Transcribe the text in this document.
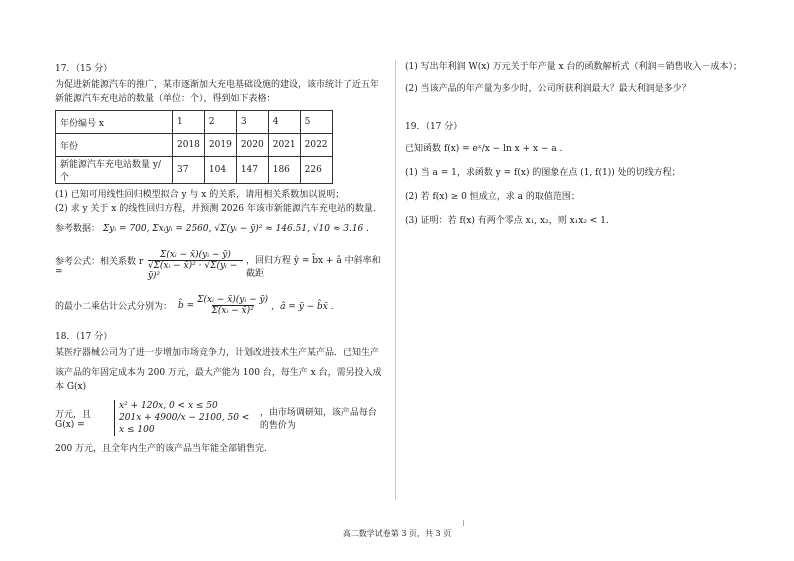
17．（15 分）

为促进新能源汽车的推广，某市逐渐加大充电基础设施的建设，该市统计了近五年

新能源汽车充电站的数量（单位：个），得到如下表格：

年份编号 x	1	2	3	4	5
年份	2018	2019	2020	2021	2022
新能源汽车充电站数量 y/个	37	104	147	186	226

(1) 已知可用线性回归模型拟合 y 与 x 的关系，请用相关系数加以说明；

(2) 求 y 关于 x 的线性回归方程，并预测 2026 年该市新能源汽车充电站的数量.

参考数据： Σyᵢ = 700, Σxᵢyᵢ = 2560, √Σ(yᵢ − ȳ)² ≈ 146.51, √10 ≈ 3.16 .

参考公式：相关系数 r =	$\frac{\text{Σ(xᵢ − x̄)(yᵢ − ȳ)}}{\text{√Σ(xᵢ − x̄)² · √Σ(yᵢ − ȳ)²}}$ ，回归方程 ŷ = b̂x + â 中斜率和截距
的最小二乘估计公式分别为： b̂ = $\frac{\text{Σ(xᵢ − x̄)(yᵢ − ȳ)}}{\text{Σ(xᵢ − x̄)²}}$ ，â = ȳ − b̂x̄ .

18．（17 分）

某医疗器械公司为了进一步增加市场竞争力，计划改进技术生产某产品．已知生产

该产品的年固定成本为 200 万元，最大产能为 100 台，每生产 x 台，需另投入成本 G(x)

万元，且 G(x) =
x² + 120x, 0 < x ≤ 50
201x + 4900/x − 2100, 50 < x ≤ 100
，由市场调研知，该产品每台的售价为

200 万元，且全年内生产的该产品当年能全部销售完.

(1) 写出年利润 W(x) 万元关于年产量 x 台的函数解析式（利润＝销售收入－成本）；

(2) 当该产品的年产量为多少时，公司所获利润最大？最大利润是多少？

19．（17 分）

已知函数 f(x) = eˣ/x − ln x + x − a .

(1) 当 a = 1，求函数 y = f(x) 的图象在点 (1, f(1)) 处的切线方程；

(2) 若 f(x) ≥ 0 恒成立，求 a 的取值范围；

(3) 证明：若 f(x) 有两个零点 x₁, x₂，则 x₁x₂ < 1.

高二数学试卷第 3 页，共 3 页
